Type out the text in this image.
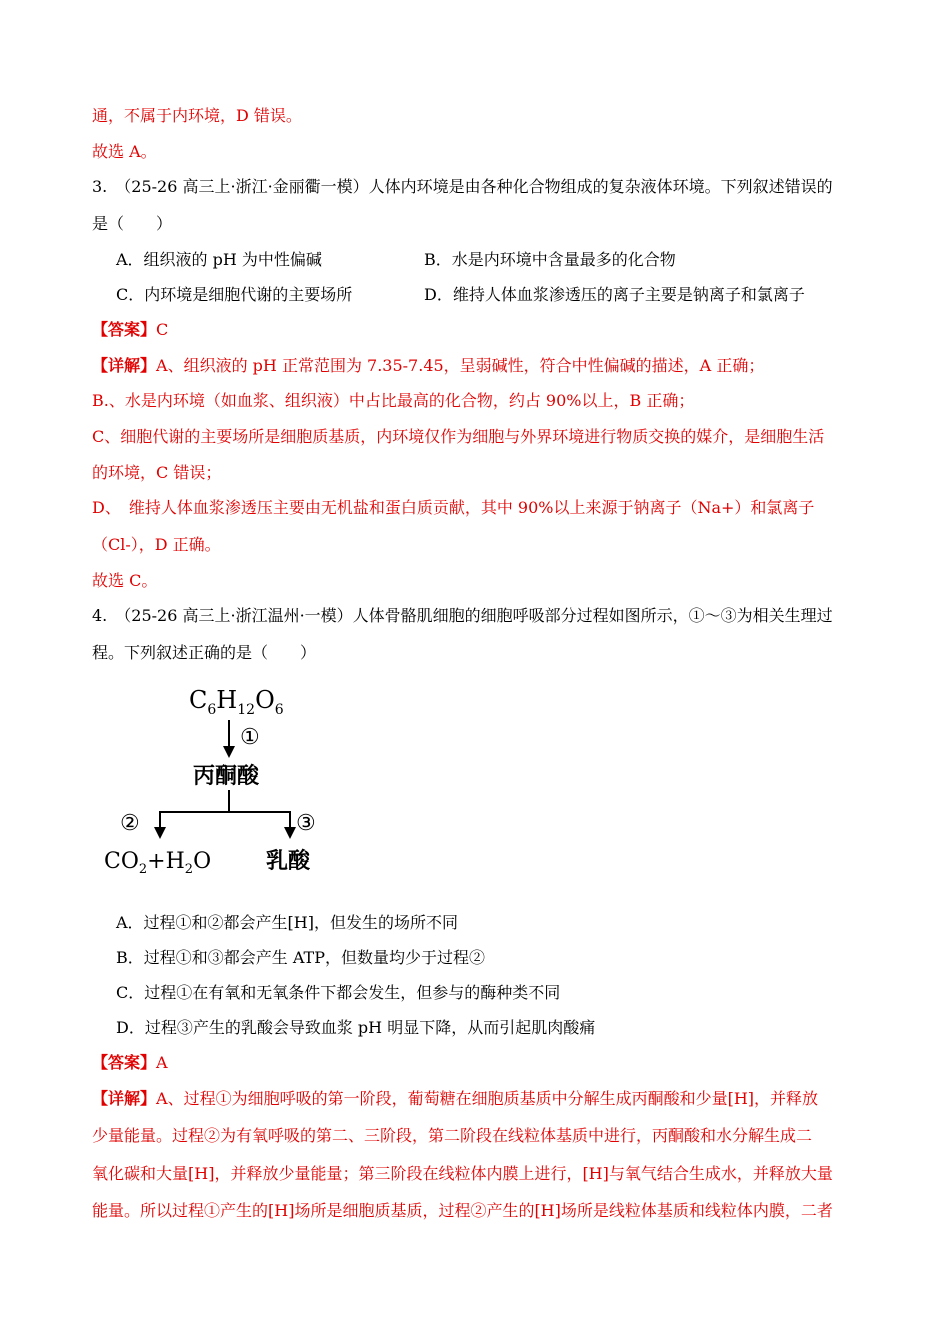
通，不属于内环境，D 错误。
故选 A。
3.　（25-26 高三上·浙江·金丽衢一模）人体内环境是由各种化合物组成的复杂液体环境。下列叙述错误的
是（　　）
A．组织液的 pH 为中性偏碱	B．水是内环境中含量最多的化合物
C．内环境是细胞代谢的主要场所	D．维持人体血浆渗透压的离子主要是钠离子和氯离子
【答案】C
【详解】A、组织液的 pH 正常范围为 7.35-7.45，呈弱碱性，符合中性偏碱的描述，A 正确；
B.、水是内环境（如血浆、组织液）中占比最高的化合物，约占 90%以上，B 正确；
C、细胞代谢的主要场所是细胞质基质，内环境仅作为细胞与外界环境进行物质交换的媒介，是细胞生活
的环境，C 错误；
D、　维持人体血浆渗透压主要由无机盐和蛋白质贡献，其中 90%以上来源于钠离子（Na+）和氯离子
（Cl-），D 正确。
故选 C。
4.　（25-26 高三上·浙江温州·一模）人体骨骼肌细胞的细胞呼吸部分过程如图所示，①～③为相关生理过
程。下列叙述正确的是（　　）
$C_6H_{12}O_6$
①
丙酮酸
②	③
$CO_2+H_2O$ 乳酸
A．过程①和②都会产生[H]，但发生的场所不同
B．过程①和③都会产生 ATP，但数量均少于过程②
C．过程①在有氧和无氧条件下都会发生，但参与的酶种类不同
D．过程③产生的乳酸会导致血浆 pH 明显下降，从而引起肌肉酸痛
【答案】A
【详解】A、过程①为细胞呼吸的第一阶段，葡萄糖在细胞质基质中分解生成丙酮酸和少量[H]，并释放
少量能量。过程②为有氧呼吸的第二、三阶段，第二阶段在线粒体基质中进行，丙酮酸和水分解生成二
氧化碳和大量[H]，并释放少量能量；第三阶段在线粒体内膜上进行，[H]与氧气结合生成水，并释放大量
能量。所以过程①产生的[H]场所是细胞质基质，过程②产生的[H]场所是线粒体基质和线粒体内膜，二者
